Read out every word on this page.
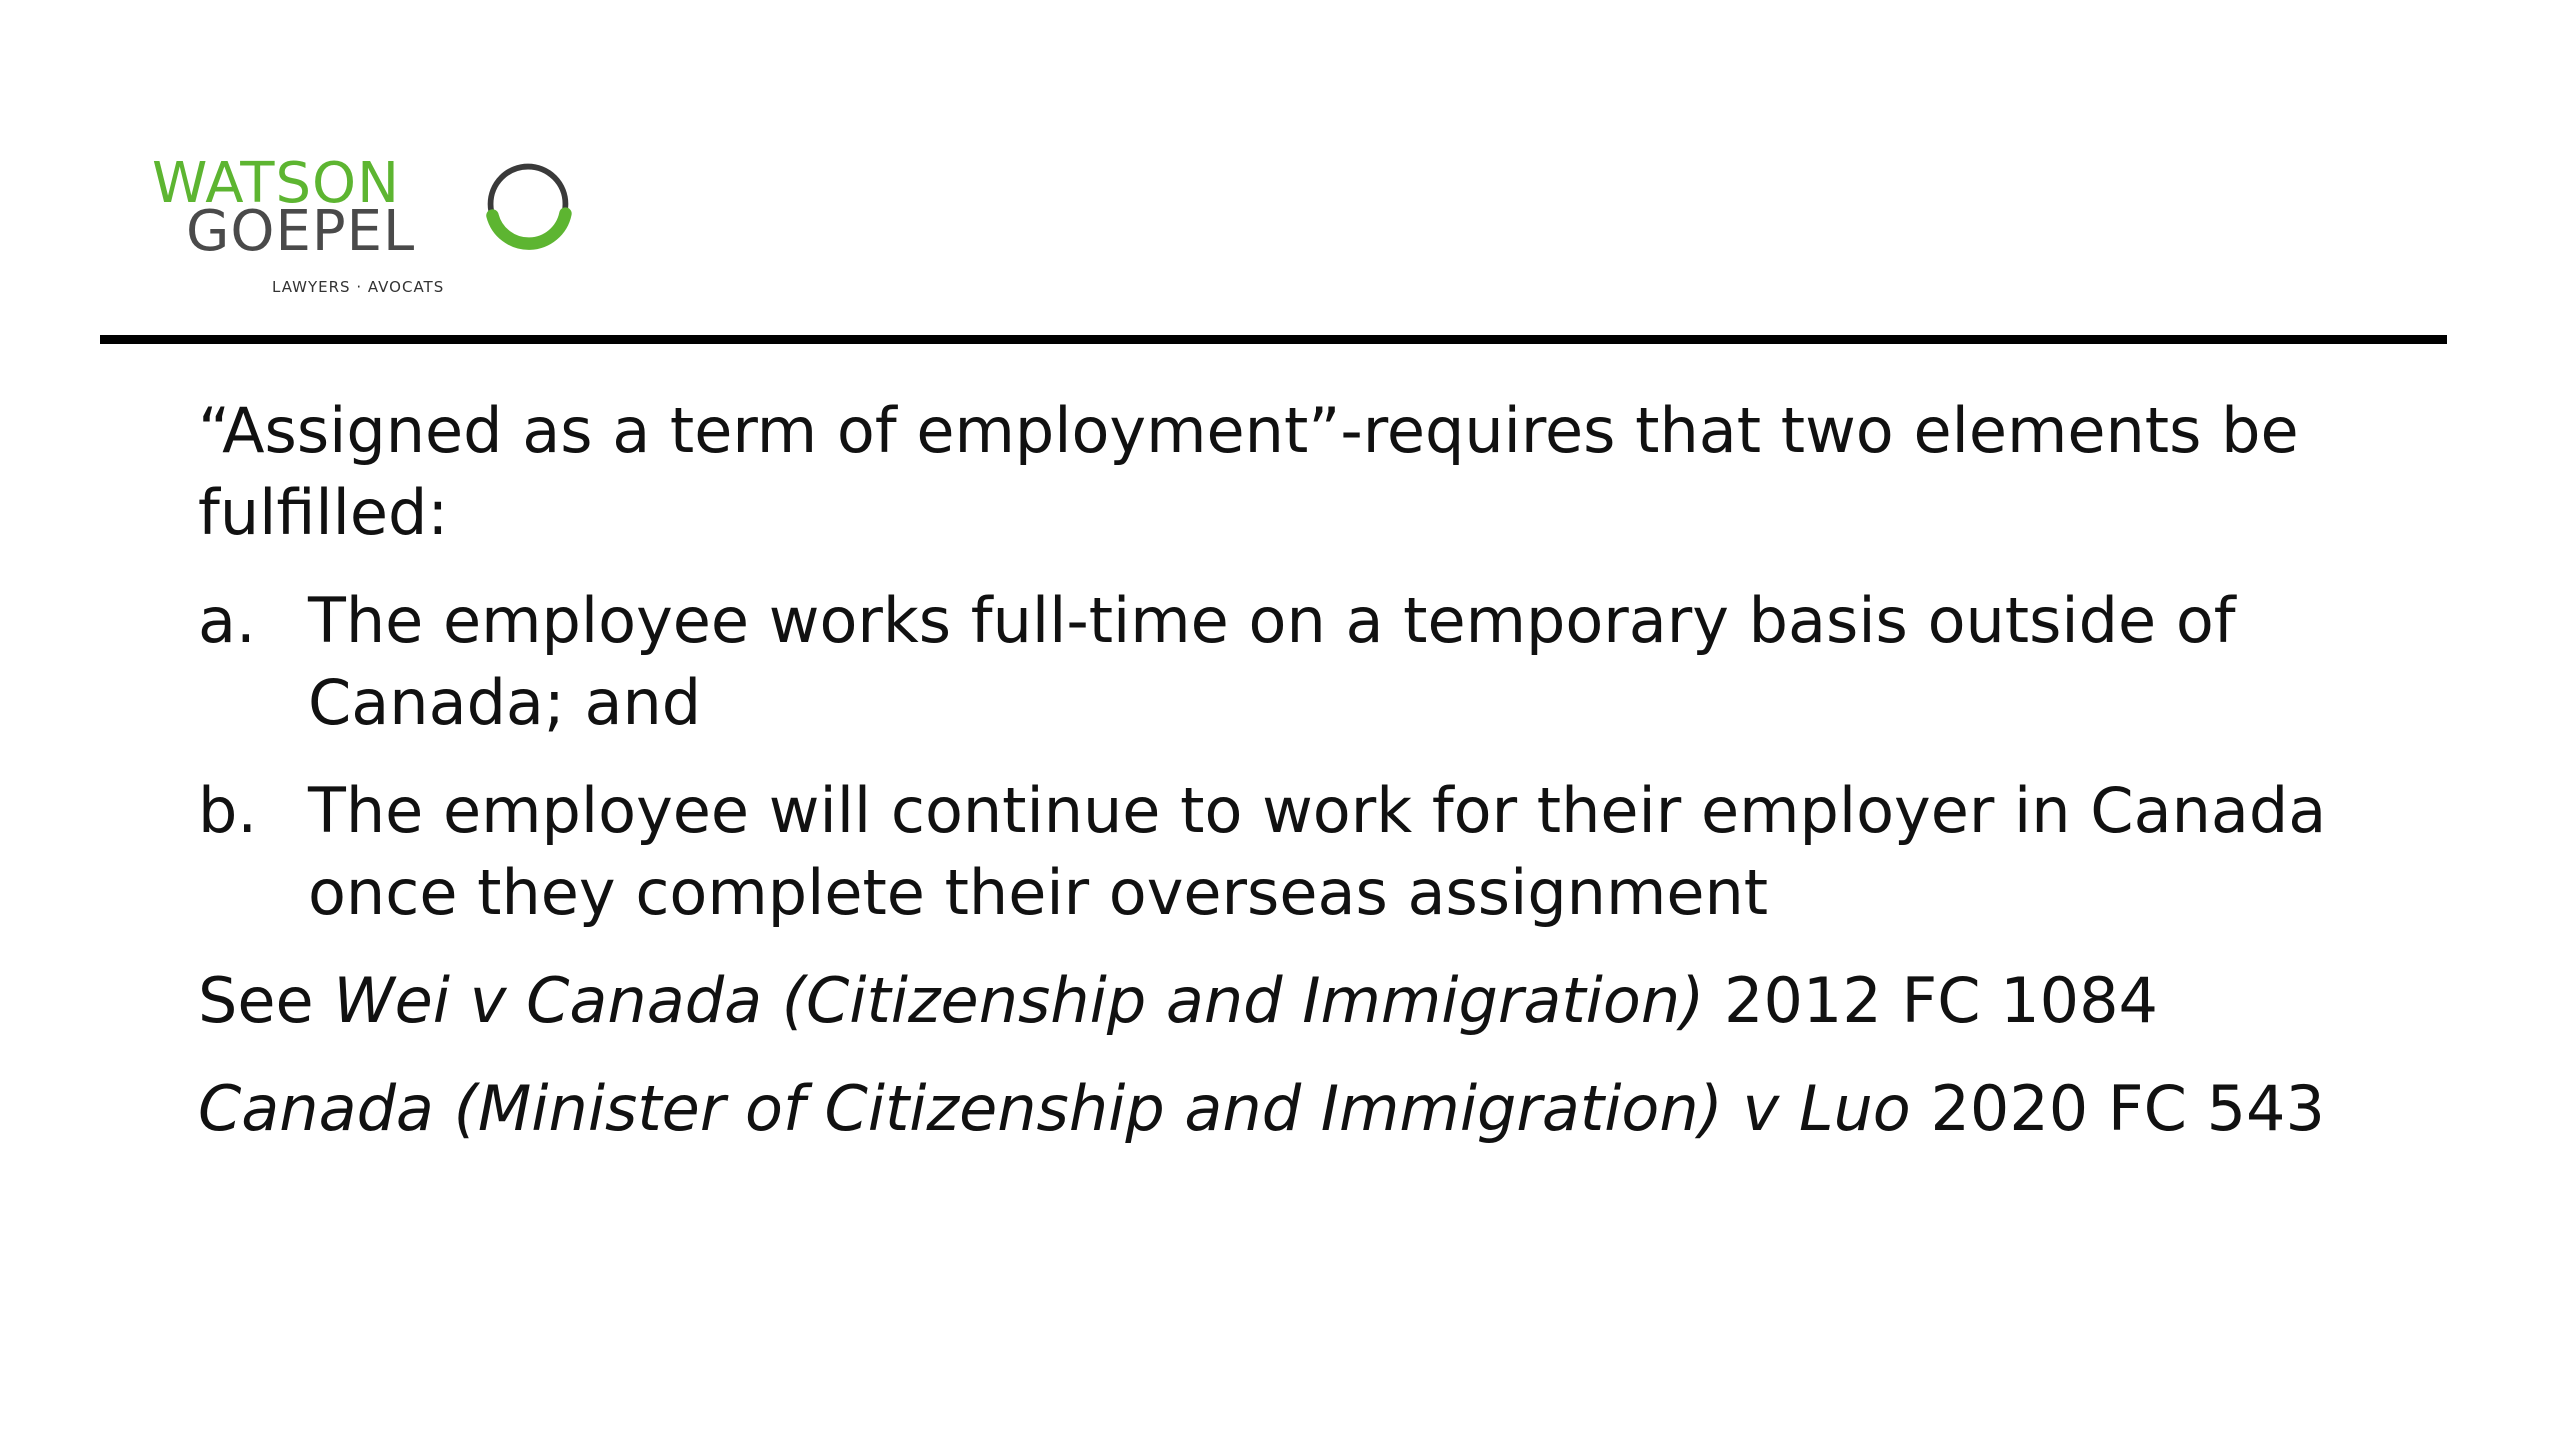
WATSON
GOEPEL
LAWYERS · AVOCATS

“Assigned as a term of employment”-requires that two elements be fulfilled:

a. The employee works full-time on a temporary basis outside of Canada; and
b. The employee will continue to work for their employer in Canada once they complete their overseas assignment

See Wei v Canada (Citizenship and Immigration) 2012 FC 1084

Canada (Minister of Citizenship and Immigration) v Luo 2020 FC 543
